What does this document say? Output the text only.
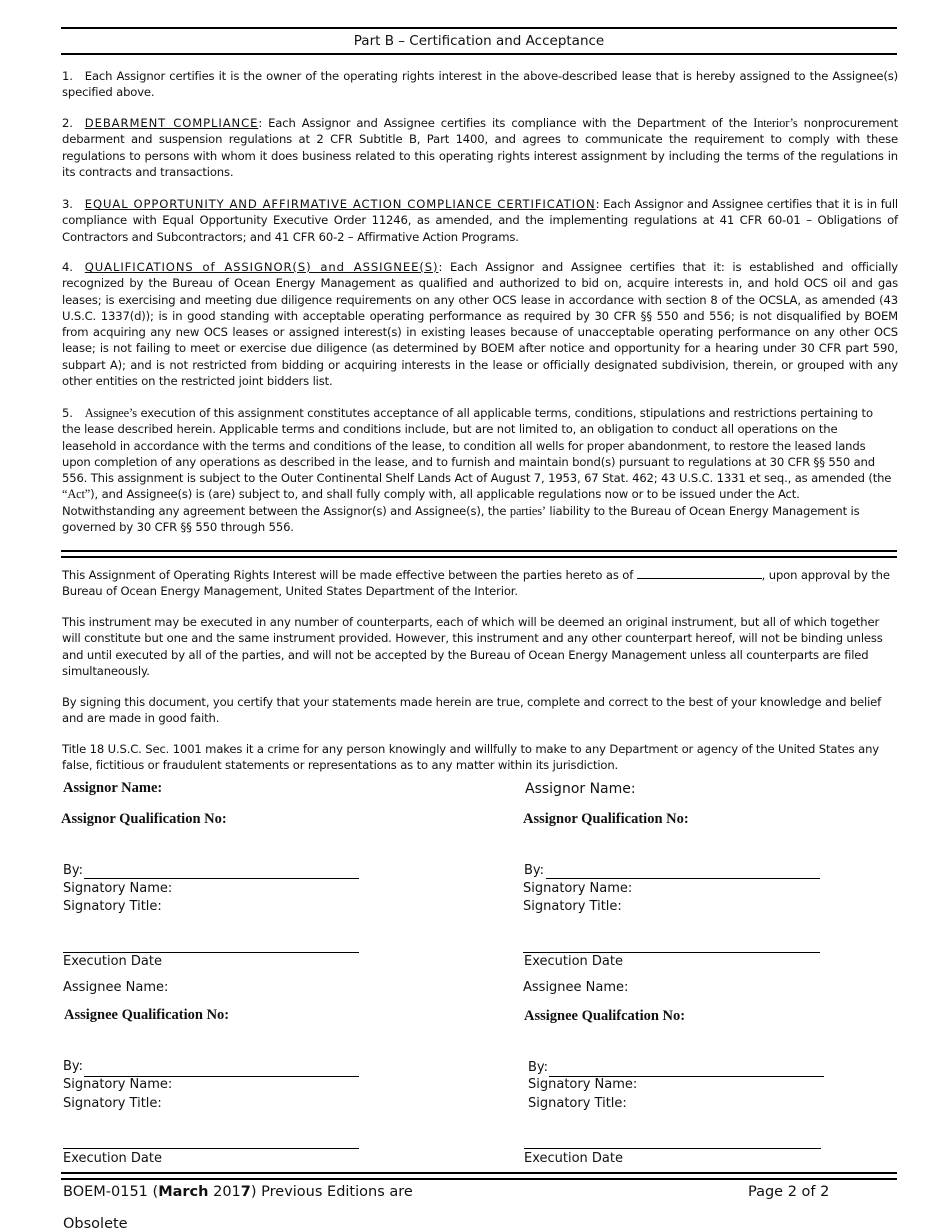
Part B – Certification and Acceptance
1. Each Assignor certifies it is the owner of the operating rights interest in the above-described lease that is hereby assigned to the Assignee(s) specified above.
2. DEBARMENT COMPLIANCE: Each Assignor and Assignee certifies its compliance with the Department of the Interior’s nonprocurement debarment and suspension regulations at 2 CFR Subtitle B, Part 1400, and agrees to communicate the requirement to comply with these regulations to persons with whom it does business related to this operating rights interest assignment by including the terms of the regulations in its contracts and transactions.
3. EQUAL OPPORTUNITY AND AFFIRMATIVE ACTION COMPLIANCE CERTIFICATION: Each Assignor and Assignee certifies that it is in full compliance with Equal Opportunity Executive Order 11246, as amended, and the implementing regulations at 41 CFR 60-01 – Obligations of Contractors and Subcontractors; and 41 CFR 60-2 – Affirmative Action Programs.
4. QUALIFICATIONS of ASSIGNOR(S) and ASSIGNEE(S): Each Assignor and Assignee certifies that it: is established and officially recognized by the Bureau of Ocean Energy Management as qualified and authorized to bid on, acquire interests in, and hold OCS oil and gas leases; is exercising and meeting due diligence requirements on any other OCS lease in accordance with section 8 of the OCSLA, as amended (43 U.S.C. 1337(d)); is in good standing with acceptable operating performance as required by 30 CFR §§ 550 and 556; is not disqualified by BOEM from acquiring any new OCS leases or assigned interest(s) in existing leases because of unacceptable operating performance on any other OCS lease; is not failing to meet or exercise due diligence (as determined by BOEM after notice and opportunity for a hearing under 30 CFR part 590, subpart A); and is not restricted from bidding or acquiring interests in the lease or officially designated subdivision, therein, or grouped with any other entities on the restricted joint bidders list.
5. Assignee’s execution of this assignment constitutes acceptance of all applicable terms, conditions, stipulations and restrictions pertaining to the lease described herein. Applicable terms and conditions include, but are not limited to, an obligation to conduct all operations on the leasehold in accordance with the terms and conditions of the lease, to condition all wells for proper abandonment, to restore the leased lands upon completion of any operations as described in the lease, and to furnish and maintain bond(s) pursuant to regulations at 30 CFR §§ 550 and 556. This assignment is subject to the Outer Continental Shelf Lands Act of August 7, 1953, 67 Stat. 462; 43 U.S.C. 1331 et seq., as amended (the “Act”), and Assignee(s) is (are) subject to, and shall fully comply with, all applicable regulations now or to be issued under the Act. Notwithstanding any agreement between the Assignor(s) and Assignee(s), the parties’ liability to the Bureau of Ocean Energy Management is governed by 30 CFR §§ 550 through 556.
This Assignment of Operating Rights Interest will be made effective between the parties hereto as of	, upon approval by the Bureau of Ocean Energy Management, United States Department of the Interior.
This instrument may be executed in any number of counterparts, each of which will be deemed an original instrument, but all of which together will constitute but one and the same instrument provided. However, this instrument and any other counterpart hereof, will not be binding unless and until executed by all of the parties, and will not be accepted by the Bureau of Ocean Energy Management unless all counterparts are filed simultaneously.
By signing this document, you certify that your statements made herein are true, complete and correct to the best of your knowledge and belief and are made in good faith.
Title 18 U.S.C. Sec. 1001 makes it a crime for any person knowingly and willfully to make to any Department or agency of the United States any false, fictitious or fraudulent statements or representations as to any matter within its jurisdiction.
Assignor Name:
Assignor Qualification No:
By:
Signatory Name:
Signatory Title:
Execution Date
Assignee Name:
Assignee Qualification No:
By:
Signatory Name:
Signatory Title:
Execution Date
Assignor Name:
Assignor Qualification No:
By:
Signatory Name:
Signatory Title:
Execution Date
Assignee Name:
Assignee Qualifcation No:
By:
Signatory Name:
Signatory Title:
Execution Date
BOEM-0151 (March 2017) Previous Editions are
Obsolete
Page 2 of 2
